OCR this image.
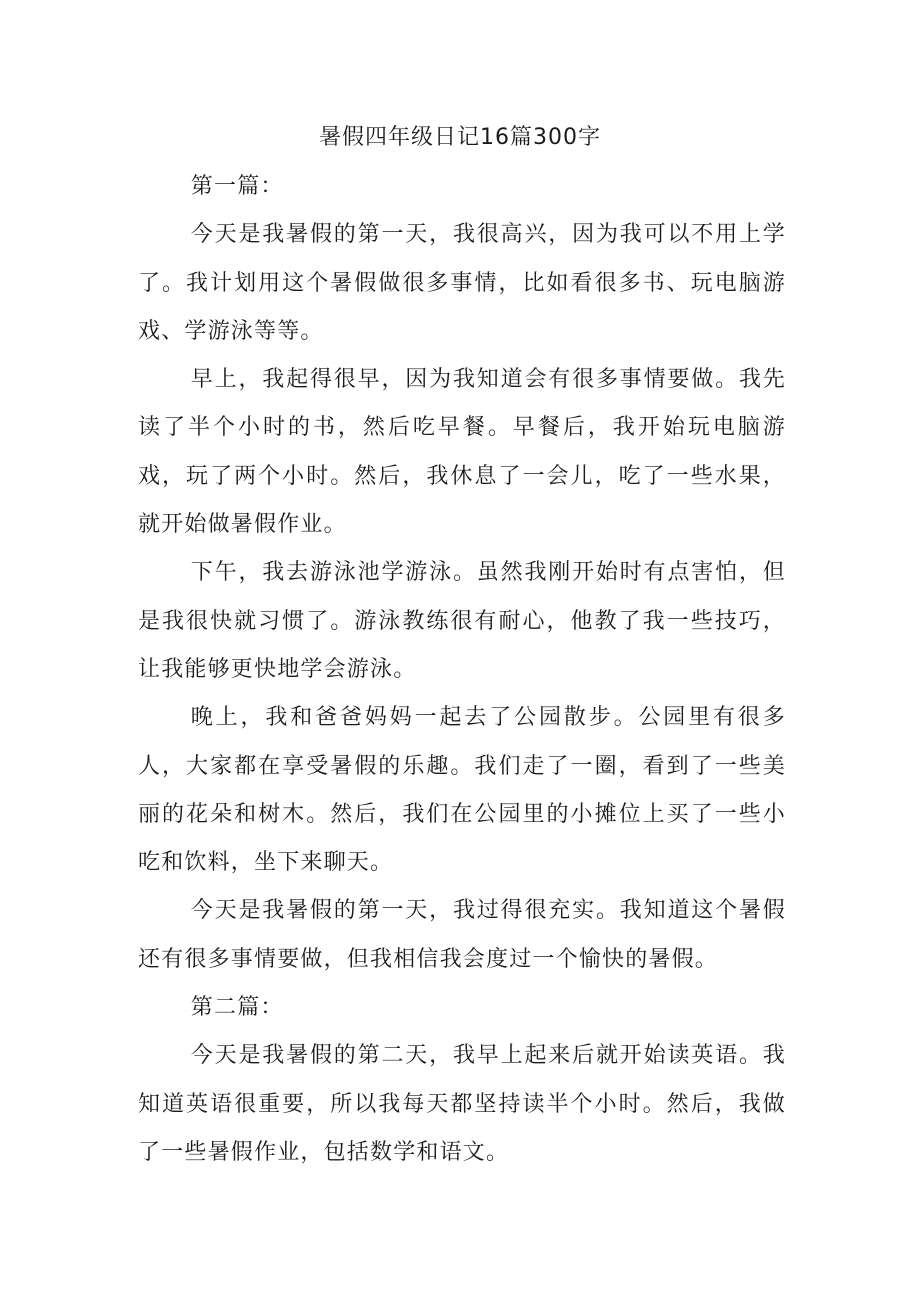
暑假四年级日记16篇300字

第一篇：

今天是我暑假的第一天，我很高兴，因为我可以不用上学了。我计划用这个暑假做很多事情，比如看很多书、玩电脑游戏、学游泳等等。

早上，我起得很早，因为我知道会有很多事情要做。我先读了半个小时的书，然后吃早餐。早餐后，我开始玩电脑游戏，玩了两个小时。然后，我休息了一会儿，吃了一些水果，就开始做暑假作业。

下午，我去游泳池学游泳。虽然我刚开始时有点害怕，但是我很快就习惯了。游泳教练很有耐心，他教了我一些技巧，让我能够更快地学会游泳。

晚上，我和爸爸妈妈一起去了公园散步。公园里有很多人，大家都在享受暑假的乐趣。我们走了一圈，看到了一些美丽的花朵和树木。然后，我们在公园里的小摊位上买了一些小吃和饮料，坐下来聊天。

今天是我暑假的第一天，我过得很充实。我知道这个暑假还有很多事情要做，但我相信我会度过一个愉快的暑假。

第二篇：

今天是我暑假的第二天，我早上起来后就开始读英语。我知道英语很重要，所以我每天都坚持读半个小时。然后，我做了一些暑假作业，包括数学和语文。
